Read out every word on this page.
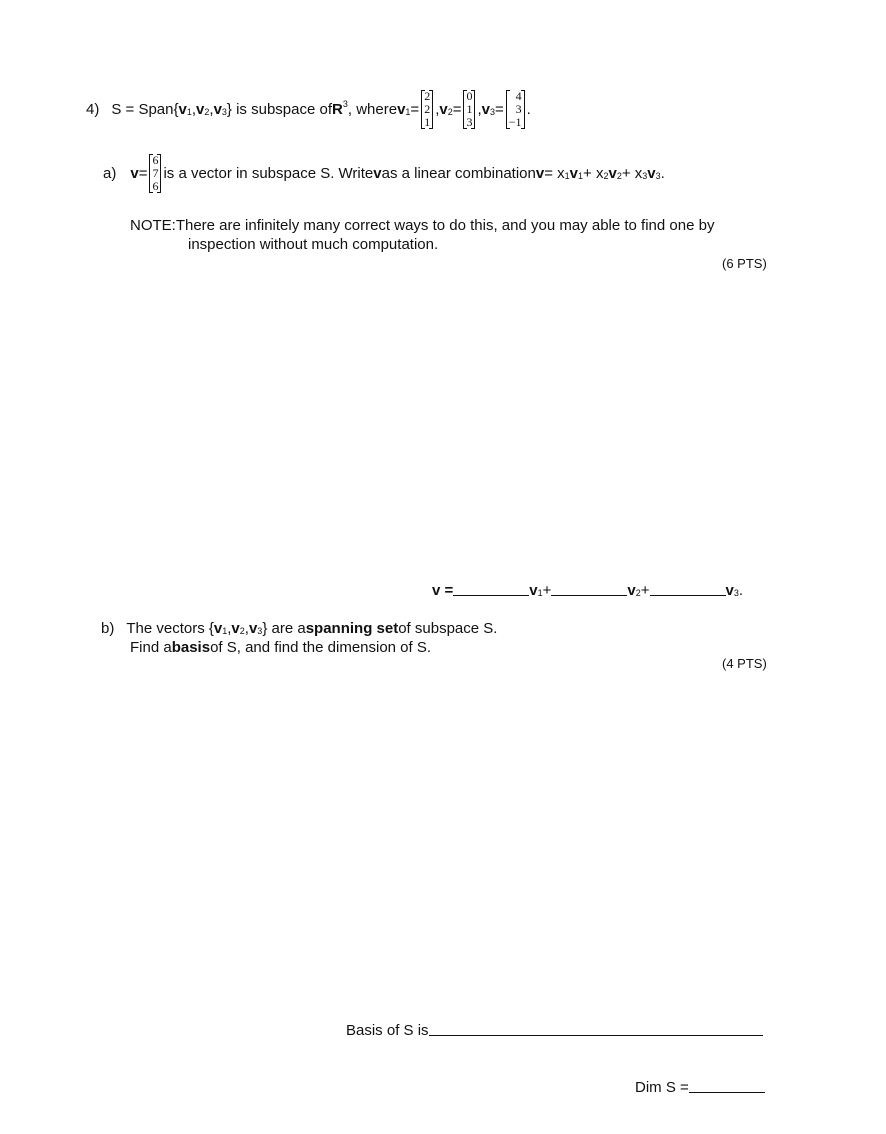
4) S = Span{ v 1 , v 2 , v 3 } is subspace of R 3 , where v 1 =
2
2
1
, v 2 =
0
1
3
, v 3 =
4
3
−1
.
a) v =
6
7
6
is a vector in subspace S. Write v as a linear combination v = x 1 v 1 + x 2 v 2 + x 3 v 3 .
NOTE:There are infinitely many correct ways to do this, and you may able to find one by
inspection without much computation.
(6 PTS)
v =	v 1 +	v 2 +	v 3 .
b) The vectors { v 1 , v 2 , v 3 } are a spanning set of subspace S.
Find a basis of S, and find the dimension of S.
(4 PTS)
Basis of S is
Dim S =
